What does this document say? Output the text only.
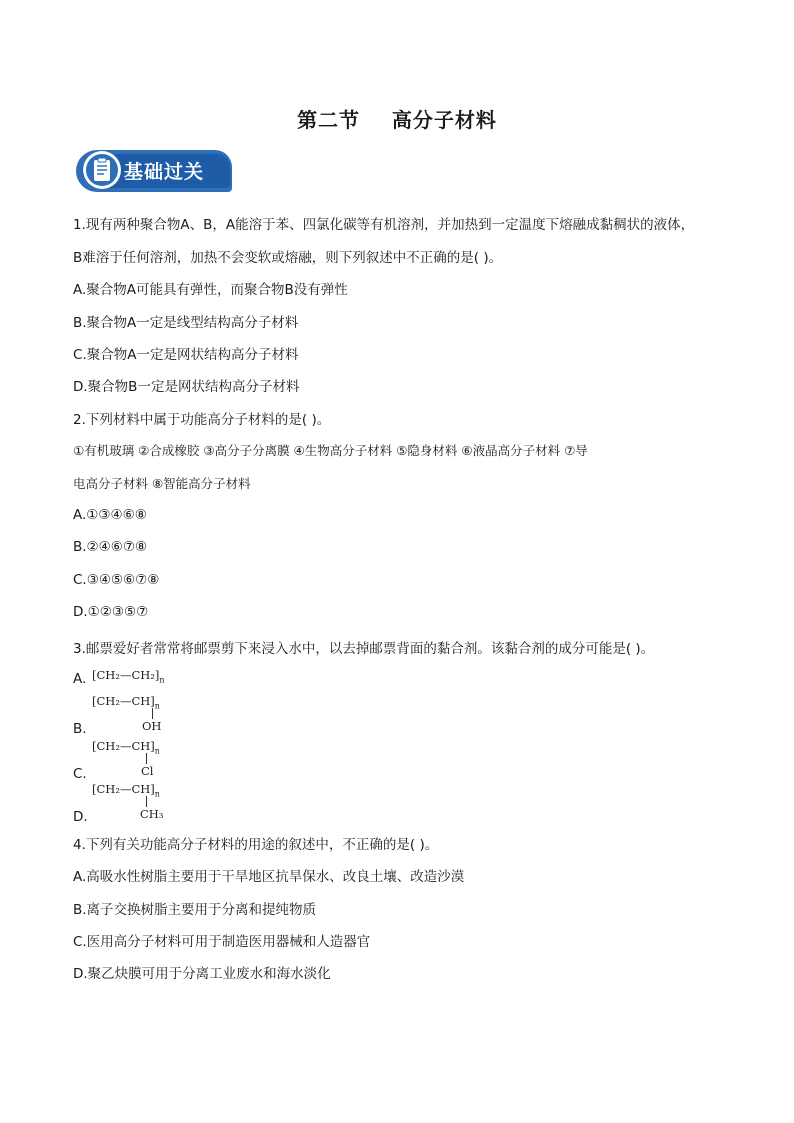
第二节    高分子材料
基础过关
1.现有两种聚合物A、B，A能溶于苯、四氯化碳等有机溶剂，并加热到一定温度下熔融成黏稠状的液体，
B难溶于任何溶剂，加热不会变软或熔融，则下列叙述中不正确的是( )。
A.聚合物A可能具有弹性，而聚合物B没有弹性
B.聚合物A一定是线型结构高分子材料
C.聚合物A一定是网状结构高分子材料
D.聚合物B一定是网状结构高分子材料
2.下列材料中属于功能高分子材料的是( )。
①有机玻璃 ②合成橡胶 ③高分子分离膜 ④生物高分子材料 ⑤隐身材料 ⑥液晶高分子材料 ⑦导
电高分子材料 ⑧智能高分子材料
A.①③④⑥⑧
B.②④⑥⑦⑧
C.③④⑤⑥⑦⑧
D.①②③⑤⑦
3.邮票爱好者常常将邮票剪下来浸入水中，以去掉邮票背面的黏合剂。该黏合剂的成分可能是( )。
A. $[CH_2—CH_2]_n$
$[CH_2—CH]_n$
B.	OH
$[CH_2—CH]_n$
C.	Cl
$[CH_2—CH]_n$
D.	CH₃
4.下列有关功能高分子材料的用途的叙述中，不正确的是( )。
A.高吸水性树脂主要用于干旱地区抗旱保水、改良土壤、改造沙漠
B.离子交换树脂主要用于分离和提纯物质
C.医用高分子材料可用于制造医用器械和人造器官
D.聚乙炔膜可用于分离工业废水和海水淡化
